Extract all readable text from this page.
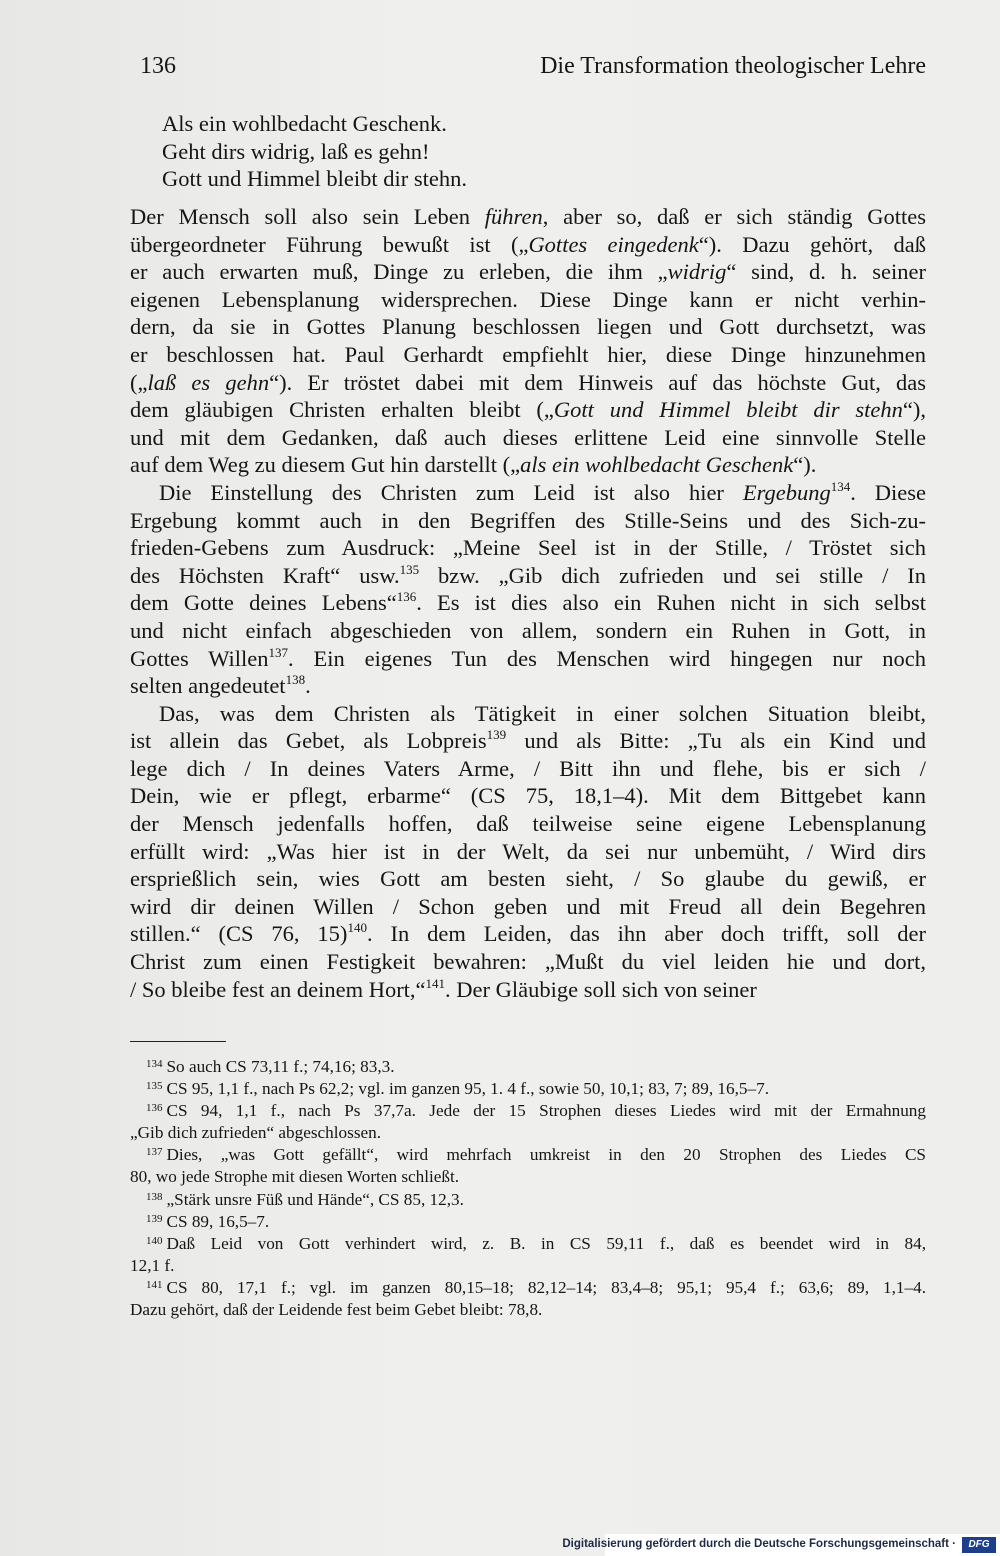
136	Die Transformation theologischer Lehre
Als ein wohlbedacht Geschenk.
Geht dirs widrig, laß es gehn!
Gott und Himmel bleibt dir stehn.
Der Mensch soll also sein Leben führen, aber so, daß er sich ständig Gottes
übergeordneter Führung bewußt ist („Gottes eingedenk“). Dazu gehört, daß
er auch erwarten muß, Dinge zu erleben, die ihm „widrig“ sind, d. h. seiner
eigenen Lebensplanung widersprechen. Diese Dinge kann er nicht verhin-
dern, da sie in Gottes Planung beschlossen liegen und Gott durchsetzt, was
er beschlossen hat. Paul Gerhardt empfiehlt hier, diese Dinge hinzunehmen
(„laß es gehn“). Er tröstet dabei mit dem Hinweis auf das höchste Gut, das
dem gläubigen Christen erhalten bleibt („Gott und Himmel bleibt dir stehn“),
und mit dem Gedanken, daß auch dieses erlittene Leid eine sinnvolle Stelle
auf dem Weg zu diesem Gut hin darstellt („als ein wohlbedacht Geschenk“).
Die Einstellung des Christen zum Leid ist also hier Ergebung$^{134}$. Diese
Ergebung kommt auch in den Begriffen des Stille-Seins und des Sich-zu-
frieden-Gebens zum Ausdruck: „Meine Seel ist in der Stille, / Tröstet sich
des Höchsten Kraft“ usw.$^{135}$ bzw. „Gib dich zufrieden und sei stille / In
dem Gotte deines Lebens“$^{136}$. Es ist dies also ein Ruhen nicht in sich selbst
und nicht einfach abgeschieden von allem, sondern ein Ruhen in Gott, in
Gottes Willen$^{137}$. Ein eigenes Tun des Menschen wird hingegen nur noch
selten angedeutet$^{138}$.
Das, was dem Christen als Tätigkeit in einer solchen Situation bleibt,
ist allein das Gebet, als Lobpreis$^{139}$ und als Bitte: „Tu als ein Kind und
lege dich / In deines Vaters Arme, / Bitt ihn und flehe, bis er sich /
Dein, wie er pflegt, erbarme“ (CS 75, 18,1–4). Mit dem Bittgebet kann
der Mensch jedenfalls hoffen, daß teilweise seine eigene Lebensplanung
erfüllt wird: „Was hier ist in der Welt, da sei nur unbemüht, / Wird dirs
ersprießlich sein, wies Gott am besten sieht, / So glaube du gewiß, er
wird dir deinen Willen / Schon geben und mit Freud all dein Begehren
stillen.“ (CS 76, 15)$^{140}$. In dem Leiden, das ihn aber doch trifft, soll der
Christ zum einen Festigkeit bewahren: „Mußt du viel leiden hie und dort,
/ So bleibe fest an deinem Hort,“$^{141}$. Der Gläubige soll sich von seiner
$^{134}$ So auch CS 73,11 f.; 74,16; 83,3.
$^{135}$ CS 95, 1,1 f., nach Ps 62,2; vgl. im ganzen 95, 1. 4 f., sowie 50, 10,1; 83, 7; 89, 16,5–7.
$^{136}$ CS 94, 1,1 f., nach Ps 37,7a. Jede der 15 Strophen dieses Liedes wird mit der Ermahnung
„Gib dich zufrieden“ abgeschlossen.
$^{137}$ Dies, „was Gott gefällt“, wird mehrfach umkreist in den 20 Strophen des Liedes CS
80, wo jede Strophe mit diesen Worten schließt.
$^{138}$ „Stärk unsre Füß und Hände“, CS 85, 12,3.
$^{139}$ CS 89, 16,5–7.
$^{140}$ Daß Leid von Gott verhindert wird, z. B. in CS 59,11 f., daß es beendet wird in 84,
12,1 f.
$^{141}$ CS 80, 17,1 f.; vgl. im ganzen 80,15–18; 82,12–14; 83,4–8; 95,1; 95,4 f.; 63,6; 89, 1,1–4.
Dazu gehört, daß der Leidende fest beim Gebet bleibt: 78,8.
Digitalisierung gefördert durch die Deutsche Forschungsgemeinschaft ·	DFG
